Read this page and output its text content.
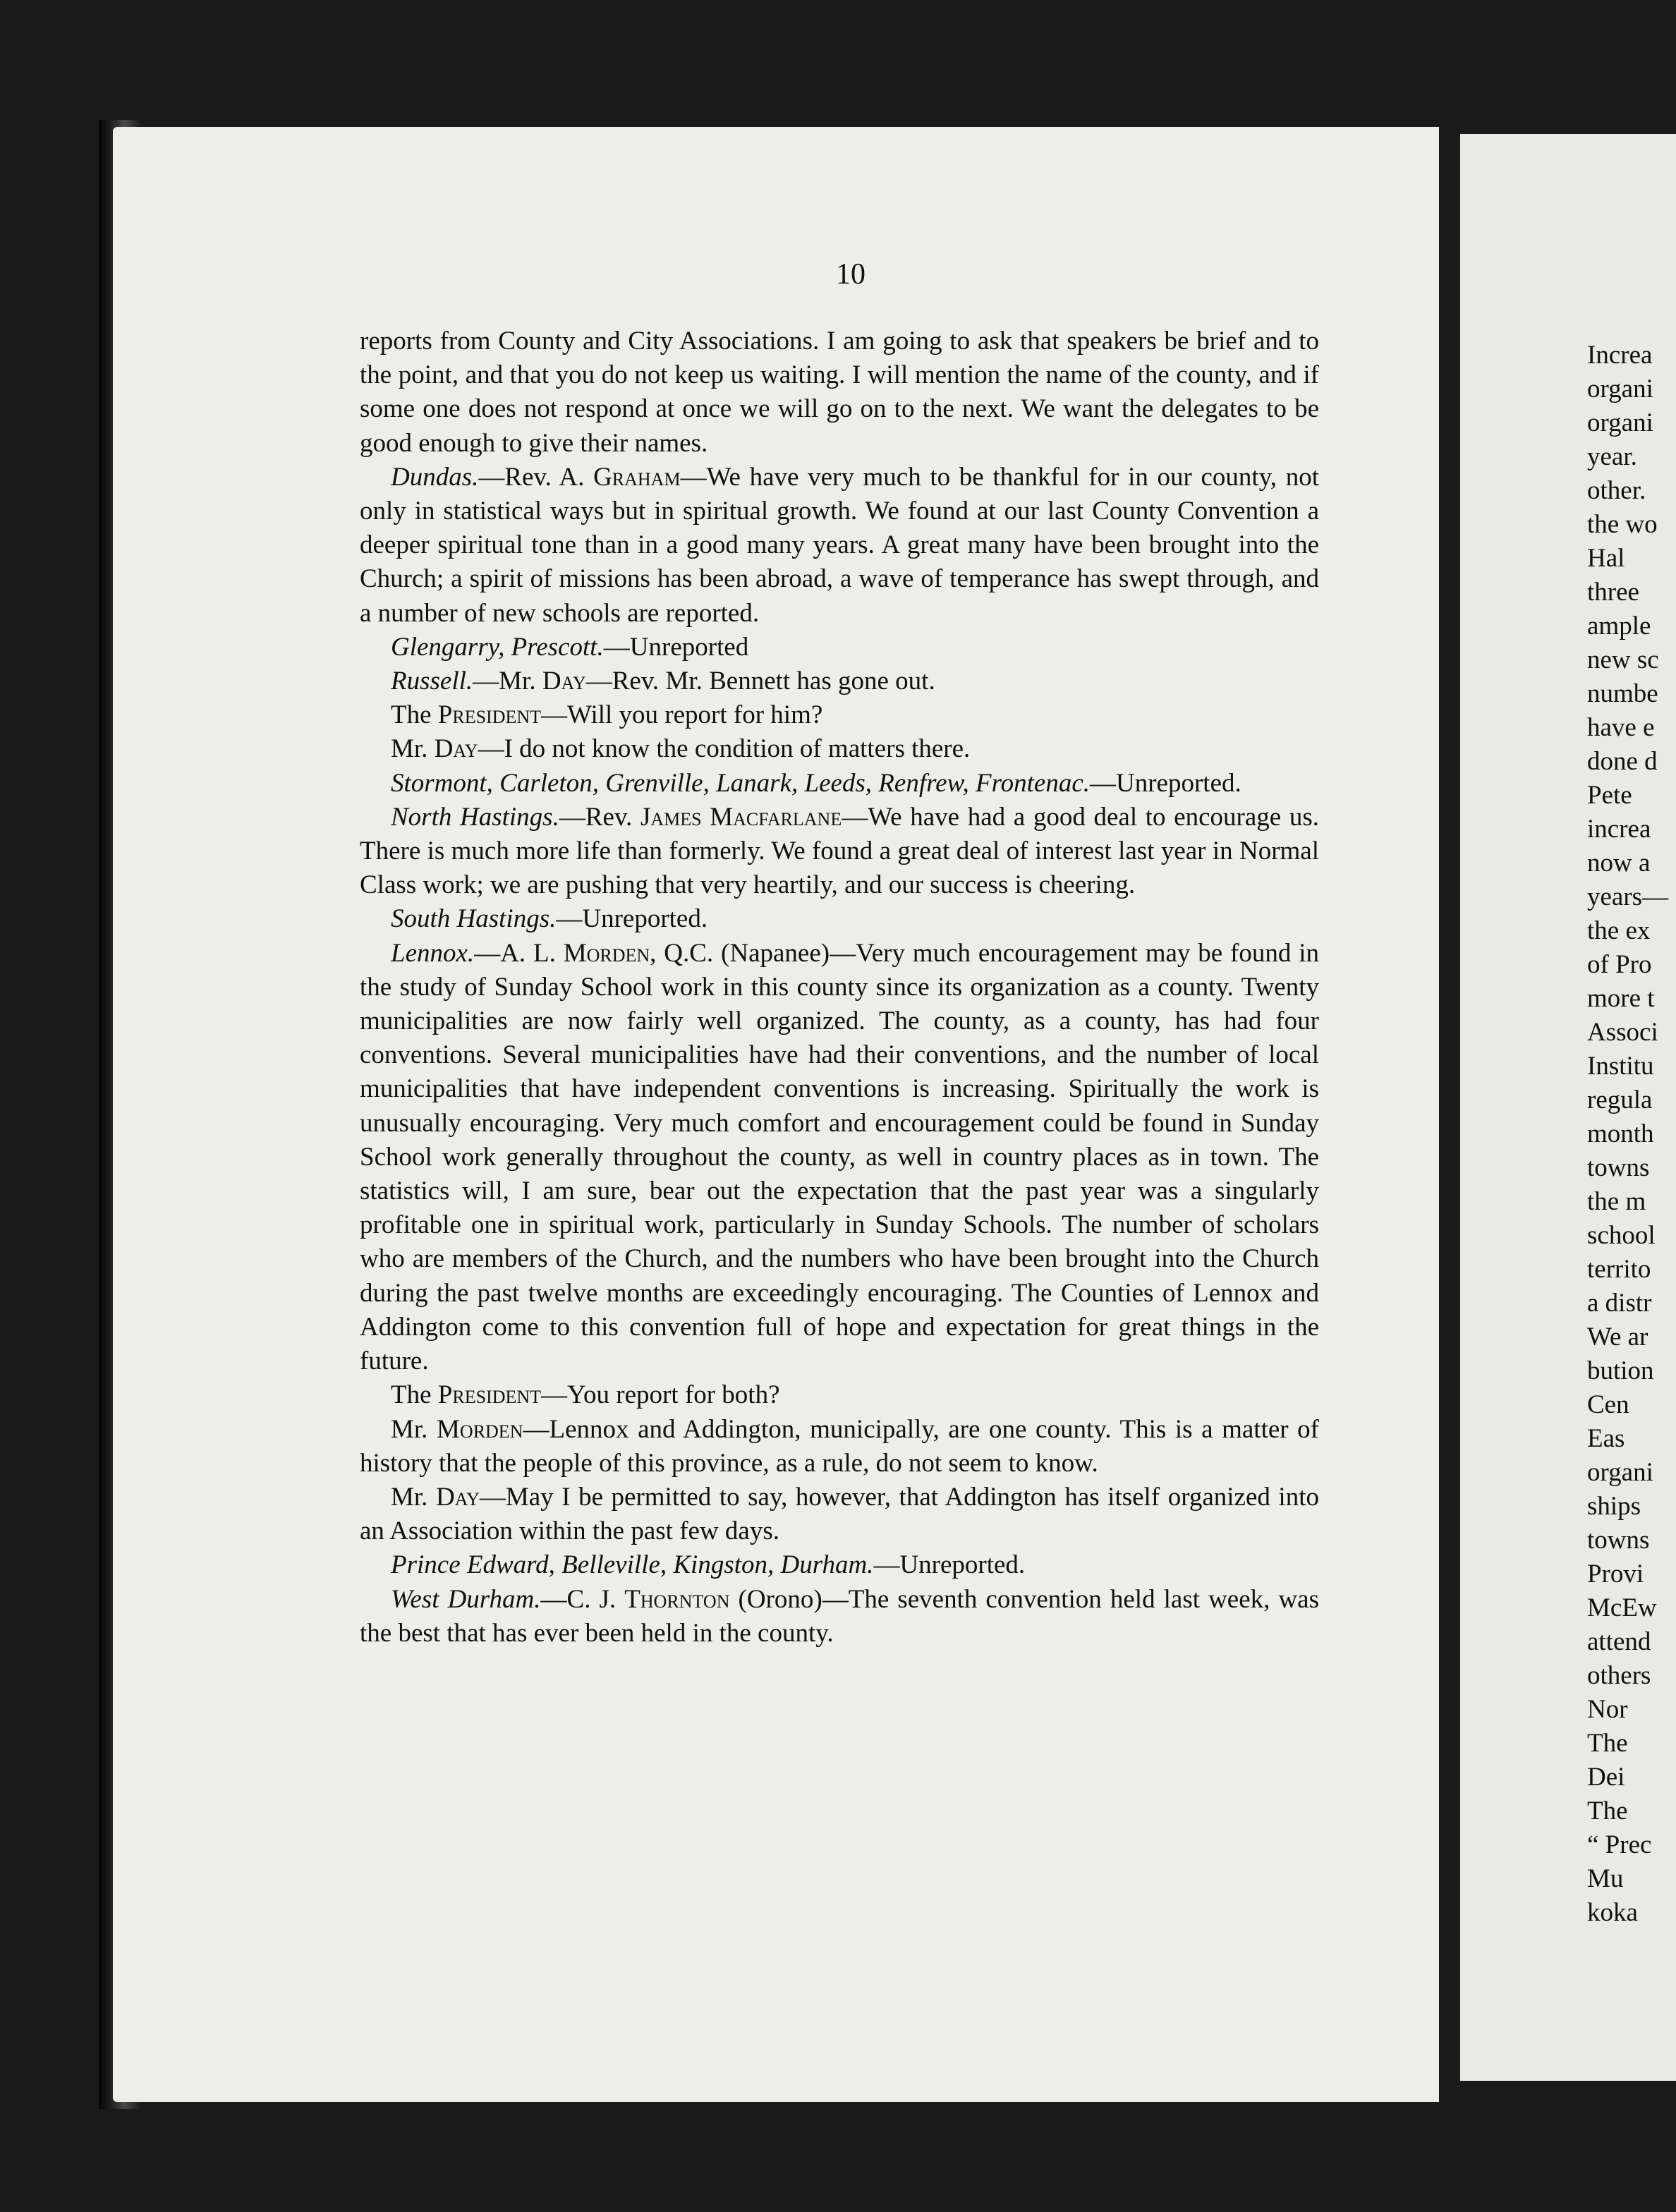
10

reports from County and City Associations. I am going to ask that speakers be brief and to the point, and that you do not keep us waiting. I will mention the name of the county, and if some one does not respond at once we will go on to the next. We want the delegates to be good enough to give their names.

Dundas.—Rev. A. Graham—We have very much to be thankful for in our county, not only in statistical ways but in spiritual growth. We found at our last County Convention a deeper spiritual tone than in a good many years. A great many have been brought into the Church; a spirit of missions has been abroad, a wave of temperance has swept through, and a number of new schools are reported.

Glengarry, Prescott.—Unreported

Russell.—Mr. Day—Rev. Mr. Bennett has gone out.

The President—Will you report for him?

Mr. Day—I do not know the condition of matters there.

Stormont, Carleton, Grenville, Lanark, Leeds, Renfrew, Frontenac.—Unreported.

North Hastings.—Rev. James Macfarlane—We have had a good deal to encourage us. There is much more life than formerly. We found a great deal of interest last year in Normal Class work; we are pushing that very heartily, and our success is cheering.

South Hastings.—Unreported.

Lennox.—A. L. Morden, Q.C. (Napanee)—Very much encouragement may be found in the study of Sunday School work in this county since its organization as a county. Twenty municipalities are now fairly well organized. The county, as a county, has had four conventions. Several municipalities have had their conventions, and the number of local municipalities that have independent conventions is increasing. Spiritually the work is unusually encouraging. Very much comfort and encouragement could be found in Sunday School work generally throughout the county, as well in country places as in town. The statistics will, I am sure, bear out the expectation that the past year was a singularly profitable one in spiritual work, particularly in Sunday Schools. The number of scholars who are members of the Church, and the numbers who have been brought into the Church during the past twelve months are exceedingly encouraging. The Counties of Lennox and Addington come to this convention full of hope and expectation for great things in the future.

The President—You report for both?

Mr. Morden—Lennox and Addington, municipally, are one county. This is a matter of history that the people of this province, as a rule, do not seem to know.

Mr. Day—May I be permitted to say, however, that Addington has itself organized into an Association within the past few days.

Prince Edward, Belleville, Kingston, Durham.—Unreported.

West Durham.—C. J. Thornton (Orono)—The seventh convention held last week, was the best that has ever been held in the county.

Increa
organi
organi
year.
other.
the wo
Hal
three
ample
new sc
numbe
have e
done d
Pete
increa
now a
years—
the ex
of Pro
more t
Associ
Institu
regula
month
towns
the m
school
territo
a distr
We ar
bution
Cen
Eas
organi
ships
towns
Provi
McEw
attend
others
Nor
The
Dei
The
“ Prec
Mu
koka
